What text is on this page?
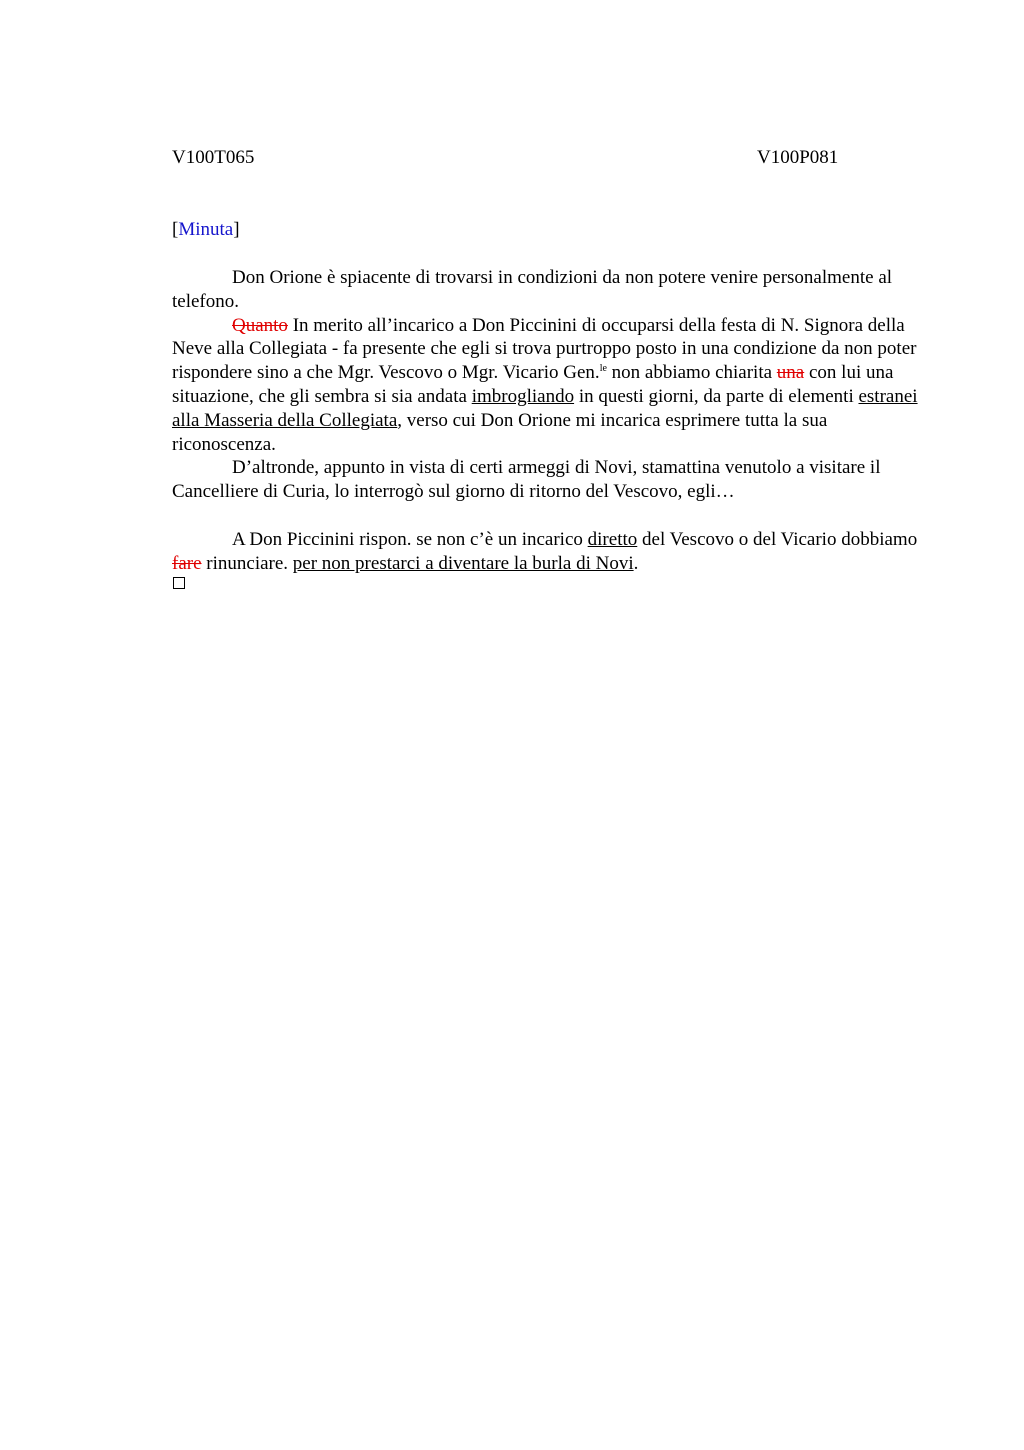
V100T065	V100P081
[Minuta]

Don Orione è spiacente di trovarsi in condizioni da non potere venire personalmente al telefono.

Quanto In merito all’incarico a Don Piccinini di occuparsi della festa di N. Signora della Neve alla Collegiata - fa presente che egli si trova purtroppo posto in una condizione da non poter rispondere sino a che Mgr. Vescovo o Mgr. Vicario Gen.$^{le}$ non abbiamo chiarita una con lui una situazione, che gli sembra si sia andata imbrogliando in questi giorni, da parte di elementi estranei alla Masseria della Collegiata, verso cui Don Orione mi incarica esprimere tutta la sua riconoscenza.

D’altronde, appunto in vista di certi armeggi di Novi, stamattina venutolo a visitare il Cancelliere di Curia, lo interrogò sul giorno di ritorno del Vescovo, egli…

A Don Piccinini rispon. se non c’è un incarico diretto del Vescovo o del Vicario dobbiamo fare rinunciare. per non prestarci a diventare la burla di Novi.
